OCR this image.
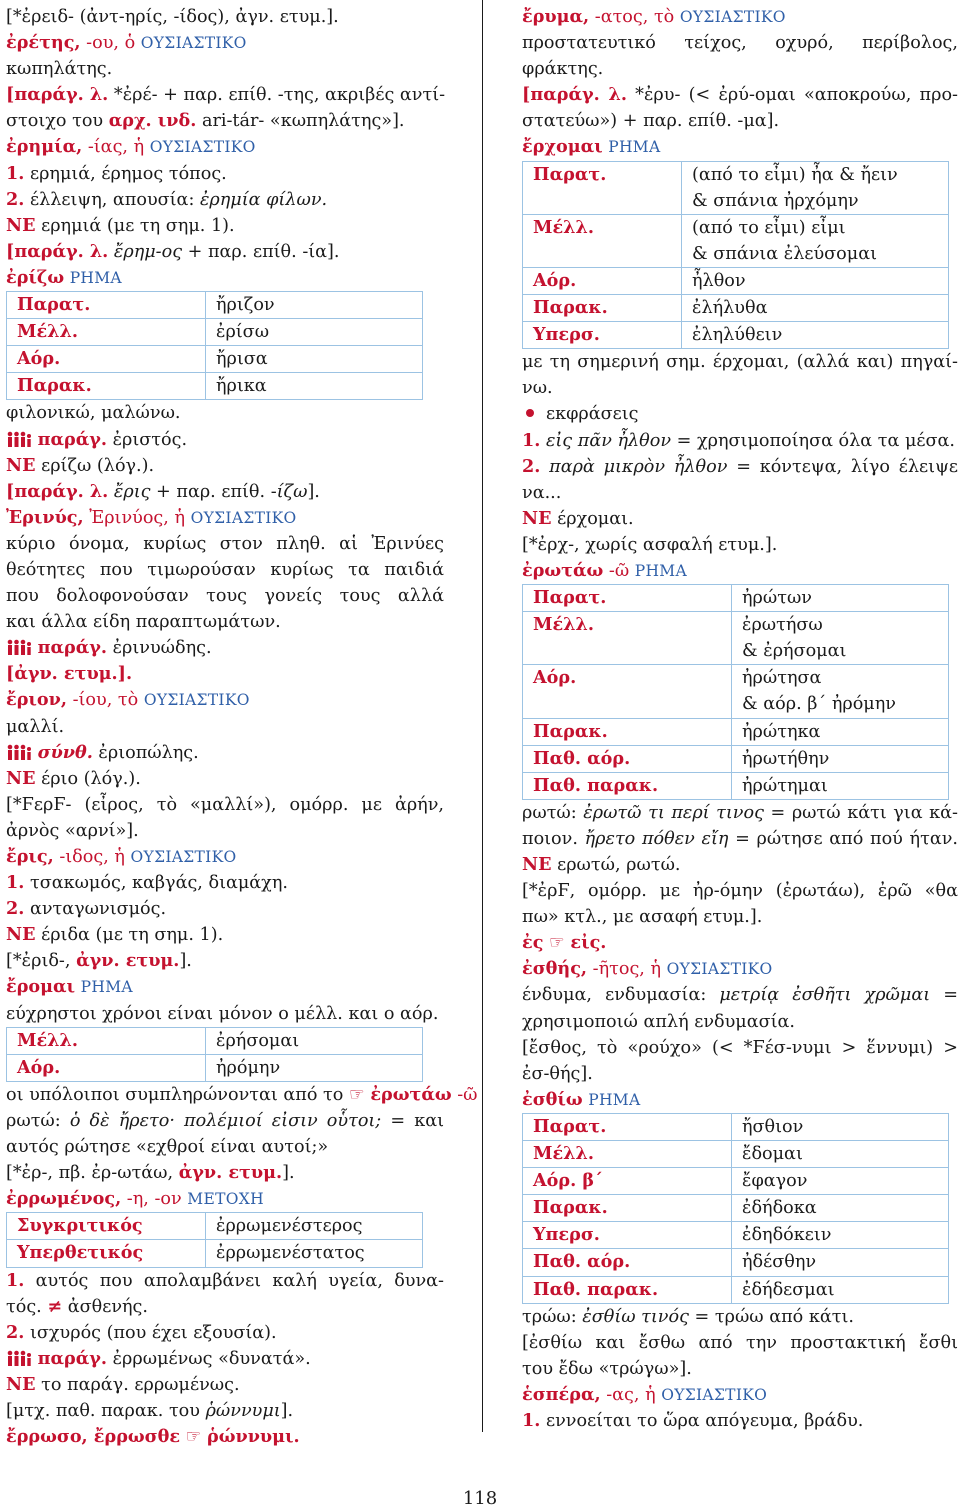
[*ἐρειδ- (ἀντ-ηρίς, -ίδος), ἀγν. ετυμ.].
ἐρέτης, -ου, ὁ ΟΥΣΙΑΣΤΙΚΟ
κωπηλάτης.
[παράγ. λ. *ἐρέ- + παρ. επίθ. -της, ακριβές αντί-
στοιχο του αρχ. ινδ. ari-tár- «κωπηλάτης»].
ἐρημία, -ίας, ἡ ΟΥΣΙΑΣΤΙΚΟ
1. ερημιά, έρημος τόπος.
2. έλλειψη, απουσία: ἐρημία φίλων.
ΝΕ ερημιά (με τη σημ. 1).
[παράγ. λ. ἔρημ-ος + παρ. επίθ. -ία].
ἐρίζω ΡΗΜΑ
Παρατ.	ἤριζον
Μέλλ.	ἐρίσω
Αόρ.	ἤρισα
Παρακ.	ἤρικα
φιλονικώ, μαλώνω.
παράγ. ἐριστός.
ΝΕ ερίζω (λόγ.).
[παράγ. λ. ἔρις + παρ. επίθ. -ίζω].
Ἐρινύς, Ἐρινύος, ἡ ΟΥΣΙΑΣΤΙΚΟ
κύριο όνομα, κυρίως στον πληθ. αἱ Ἐρινύες
θεότητες που τιμωρούσαν κυρίως τα παιδιά
που δολοφονούσαν τους γονείς τους αλλά
και άλλα είδη παραπτωμάτων.
παράγ. ἐρινυώδης.
[ἀγν. ετυμ.].
ἔριον, -ίου, τὸ ΟΥΣΙΑΣΤΙΚΟ
μαλλί.
σύνθ. ἐριοπώλης.
ΝΕ έριο (λόγ.).
[*ϜερϜ- (εἶρος, τὸ «μαλλί»), ομόρρ. με ἀρήν,
ἀρνὸς «αρνί»].
ἔρις, -ιδος, ἡ ΟΥΣΙΑΣΤΙΚΟ
1. τσακωμός, καβγάς, διαμάχη.
2. ανταγωνισμός.
ΝΕ έριδα (με τη σημ. 1).
[*ἐριδ-, ἀγν. ετυμ.].
ἔρομαι ΡΗΜΑ
εύχρηστοι χρόνοι είναι μόνον ο μέλλ. και ο αόρ.
Μέλλ.	ἐρήσομαι
Αόρ.	ἠρόμην
οι υπόλοιποι συμπληρώνονται από το ☞ ἐρωτάω -ῶ
ρωτώ: ὁ δὲ ἤρετο· πολέμιοί εἰσιν οὗτοι; = και
αυτός ρώτησε «εχθροί είναι αυτοί;»
[*ἐρ-, πβ. ἐρ-ωτάω, ἀγν. ετυμ.].
ἐρρωμένος, -η, -ον ΜΕΤΟΧΗ
Συγκριτικός	ἐρρωμενέστερος
Υπερθετικός	ἐρρωμενέστατος
1. αυτός που απολαμβάνει καλή υγεία, δυνα-
τός. ≠ ἀσθενής.
2. ισχυρός (που έχει εξουσία).
παράγ. ἐρρωμένως «δυνατά».
ΝΕ το παράγ. ερρωμένως.
[μτχ. παθ. παρακ. του ῥώννυμι].
ἔρρωσο, ἔρρωσθε ☞ ῥώννυμι.
ἔρυμα, -ατος, τὸ ΟΥΣΙΑΣΤΙΚΟ
προστατευτικό τείχος, οχυρό, περίβολος,
φράκτης.
[παράγ. λ. *ἐρυ- (< ἐρύ-ομαι «αποκρούω, προ-
στατεύω») + παρ. επίθ. -μα].
ἔρχομαι ΡΗΜΑ
Παρατ.	(από το εἶμι) ἦα & ἤειν
& σπάνια ἠρχόμην

Μέλλ.	(από το εἶμι) εἶμι
& σπάνια ἐλεύσομαι

Αόρ.	ἦλθον
Παρακ.	ἐλήλυθα
Υπερσ.	ἐληλύθειν
με τη σημερινή σημ. έρχομαι, (αλλά και) πηγαί-
νω.
εκφράσεις
1. εἰς πᾶν ἦλθον = χρησιμοποίησα όλα τα μέσα.
2. παρὰ μικρὸν ἦλθον = κόντεψα, λίγο έλειψε
να...
ΝΕ έρχομαι.
[*ἐρχ-, χωρίς ασφαλή ετυμ.].
ἐρωτάω -ῶ ΡΗΜΑ
Παρατ.	ἠρώτων
Μέλλ.	ἐρωτήσω
& ἐρήσομαι

Αόρ.	ἠρώτησα
& αόρ. β΄ ἠρόμην

Παρακ.	ἠρώτηκα
Παθ. αόρ.	ἠρωτήθην
Παθ. παρακ.	ἠρώτημαι
ρωτώ: ἐρωτῶ τι περί τινος = ρωτώ κάτι για κά-
ποιον. ἤρετο πόθεν εἴη = ρώτησε από πού ήταν.
ΝΕ ερωτώ, ρωτώ.
[*ἐρϜ, ομόρρ. με ἠρ-όμην (ἐρωτάω), ἐρῶ «θα
πω» κτλ., με ασαφή ετυμ.].
ἐς ☞ εἰς.
ἐσθής, -ῆτος, ἡ ΟΥΣΙΑΣΤΙΚΟ
ένδυμα, ενδυμασία: μετρίᾳ ἐσθῆτι χρῶμαι =
χρησιμοποιώ απλή ενδυμασία.
[ἔσθος, τὸ «ρούχο» (< *Ϝέσ-νυμι > ἕννυμι) >
ἐσ-θής].
ἐσθίω ΡΗΜΑ
Παρατ.	ἤσθιον
Μέλλ.	ἔδομαι
Αόρ. β΄	ἔφαγον
Παρακ.	ἐδήδοκα
Υπερσ.	ἐδηδόκειν
Παθ. αόρ.	ἠδέσθην
Παθ. παρακ.	ἐδήδεσμαι
τρώω: ἐσθίω τινός = τρώω από κάτι.
[ἐσθίω και ἔσθω από την προστακτική ἔσθι
του ἔδω «τρώγω»].
ἑσπέρα, -ας, ἡ ΟΥΣΙΑΣΤΙΚΟ
1. εννοείται το ὥρα απόγευμα, βράδυ.
118
